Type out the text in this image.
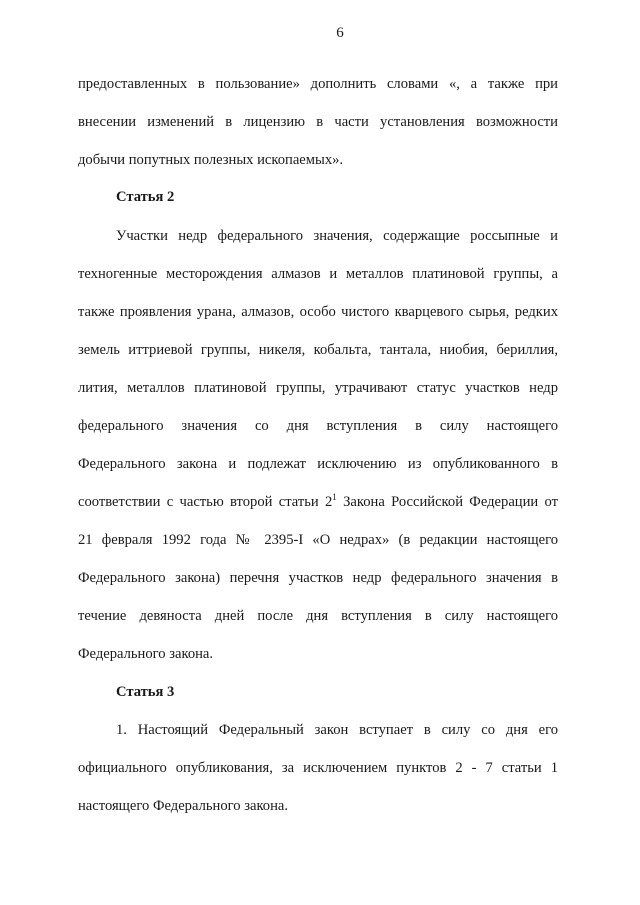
6
предоставленных в пользование» дополнить словами «, а также при
внесении изменений в лицензию в части установления возможности
добычи попутных полезных ископаемых».
Статья 2
Участки недр федерального значения, содержащие россыпные и
техногенные месторождения алмазов и металлов платиновой группы, а
также проявления урана, алмазов, особо чистого кварцевого сырья, редких
земель иттриевой группы, никеля, кобальта, тантала, ниобия, бериллия,
лития, металлов платиновой группы, утрачивают статус участков недр
федерального значения со дня вступления в силу настоящего
Федерального закона и подлежат исключению из опубликованного в
соответствии с частью второй статьи $2^1$ Закона Российской Федерации от
21 февраля 1992 года № 2395-I «О недрах» (в редакции настоящего
Федерального закона) перечня участков недр федерального значения в
течение девяноста дней после дня вступления в силу настоящего
Федерального закона.
Статья 3
1. Настоящий Федеральный закон вступает в силу со дня его
официального опубликования, за исключением пунктов 2 - 7 статьи 1
настоящего Федерального закона.
